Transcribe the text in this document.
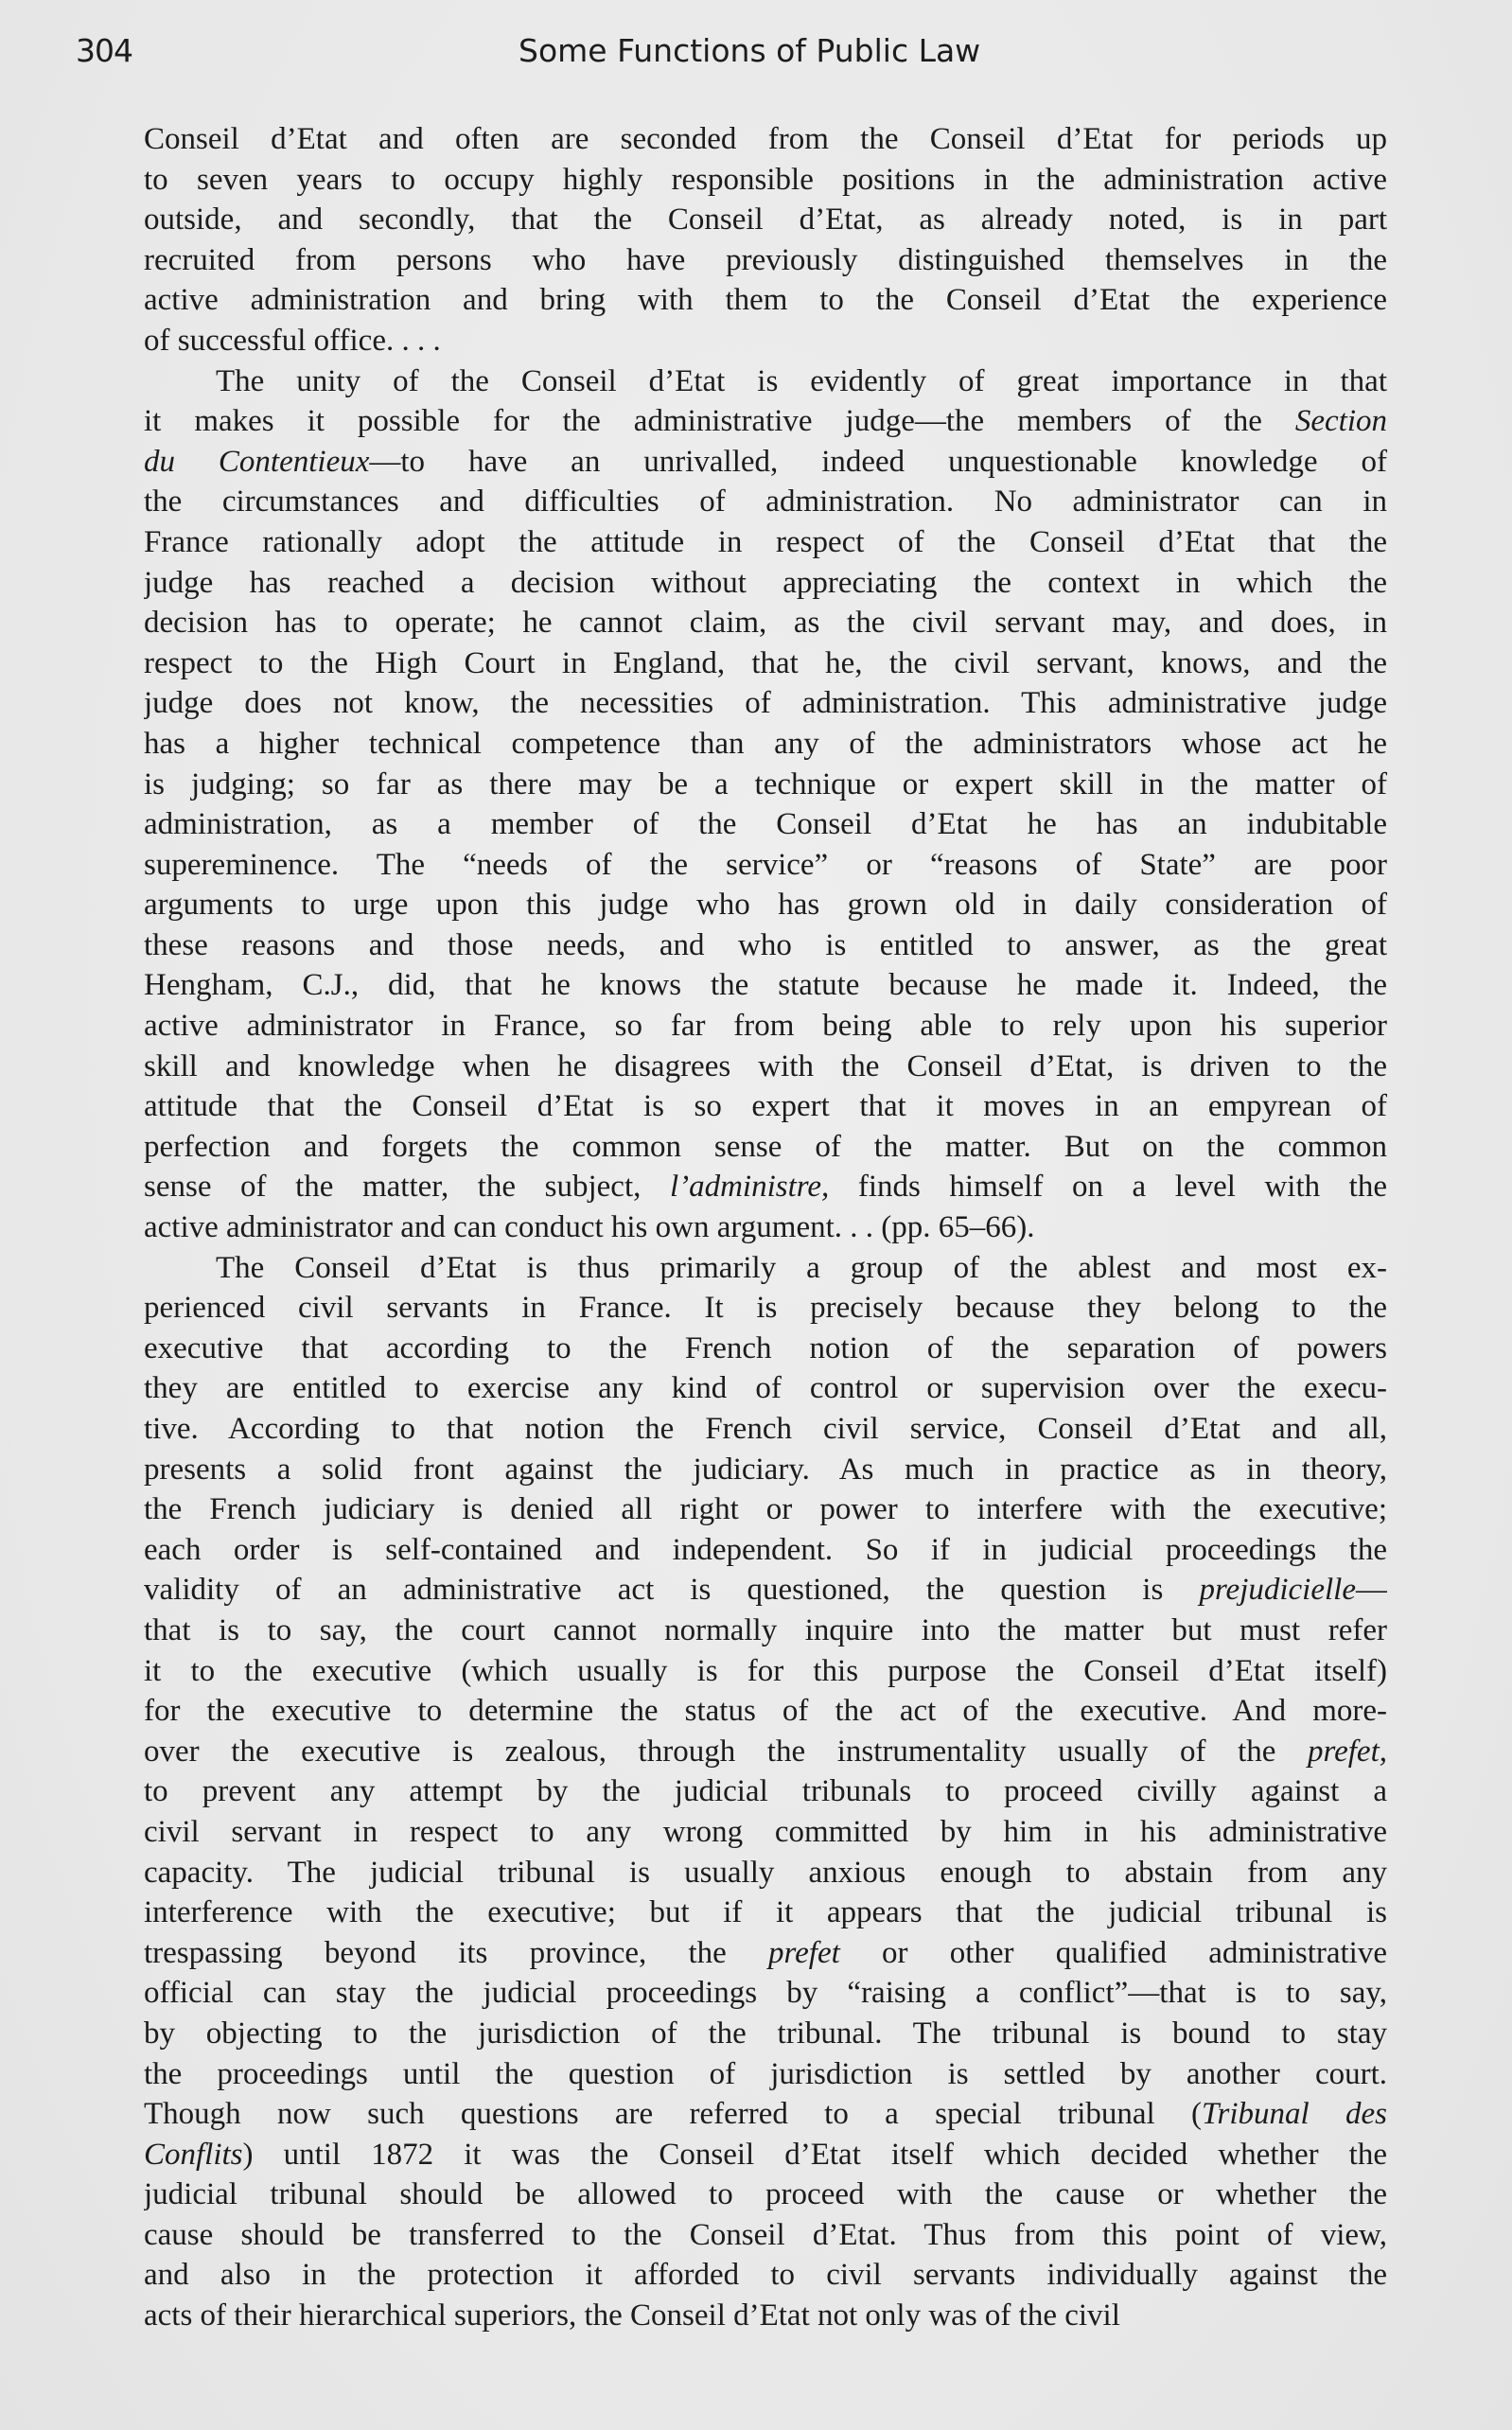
304	Some Functions of Public Law
Conseil d’Etat and often are seconded from the Conseil d’Etat for periods up
to seven years to occupy highly responsible positions in the administration active
outside, and secondly, that the Conseil d’Etat, as already noted, is in part
recruited from persons who have previously distinguished themselves in the
active administration and bring with them to the Conseil d’Etat the experience
of successful office. . . .
The unity of the Conseil d’Etat is evidently of great importance in that
it makes it possible for the administrative judge—the members of the Section
du Contentieux—to have an unrivalled, indeed unquestionable knowledge of
the circumstances and difficulties of administration. No administrator can in
France rationally adopt the attitude in respect of the Conseil d’Etat that the
judge has reached a decision without appreciating the context in which the
decision has to operate; he cannot claim, as the civil servant may, and does, in
respect to the High Court in England, that he, the civil servant, knows, and the
judge does not know, the necessities of administration. This administrative judge
has a higher technical competence than any of the administrators whose act he
is judging; so far as there may be a technique or expert skill in the matter of
administration, as a member of the Conseil d’Etat he has an indubitable
supereminence. The “needs of the service” or “reasons of State” are poor
arguments to urge upon this judge who has grown old in daily consideration of
these reasons and those needs, and who is entitled to answer, as the great
Hengham, C.J., did, that he knows the statute because he made it. Indeed, the
active administrator in France, so far from being able to rely upon his superior
skill and knowledge when he disagrees with the Conseil d’Etat, is driven to the
attitude that the Conseil d’Etat is so expert that it moves in an empyrean of
perfection and forgets the common sense of the matter. But on the common
sense of the matter, the subject, l’administre, finds himself on a level with the
active administrator and can conduct his own argument. . . (pp. 65–66).
The Conseil d’Etat is thus primarily a group of the ablest and most ex-
perienced civil servants in France. It is precisely because they belong to the
executive that according to the French notion of the separation of powers
they are entitled to exercise any kind of control or supervision over the execu-
tive. According to that notion the French civil service, Conseil d’Etat and all,
presents a solid front against the judiciary. As much in practice as in theory,
the French judiciary is denied all right or power to interfere with the executive;
each order is self-contained and independent. So if in judicial proceedings the
validity of an administrative act is questioned, the question is prejudicielle—
that is to say, the court cannot normally inquire into the matter but must refer
it to the executive (which usually is for this purpose the Conseil d’Etat itself)
for the executive to determine the status of the act of the executive. And more-
over the executive is zealous, through the instrumentality usually of the prefet,
to prevent any attempt by the judicial tribunals to proceed civilly against a
civil servant in respect to any wrong committed by him in his administrative
capacity. The judicial tribunal is usually anxious enough to abstain from any
interference with the executive; but if it appears that the judicial tribunal is
trespassing beyond its province, the prefet or other qualified administrative
official can stay the judicial proceedings by “raising a conflict”—that is to say,
by objecting to the jurisdiction of the tribunal. The tribunal is bound to stay
the proceedings until the question of jurisdiction is settled by another court.
Though now such questions are referred to a special tribunal (Tribunal des
Conflits) until 1872 it was the Conseil d’Etat itself which decided whether the
judicial tribunal should be allowed to proceed with the cause or whether the
cause should be transferred to the Conseil d’Etat. Thus from this point of view,
and also in the protection it afforded to civil servants individually against the
acts of their hierarchical superiors, the Conseil d’Etat not only was of the civil
